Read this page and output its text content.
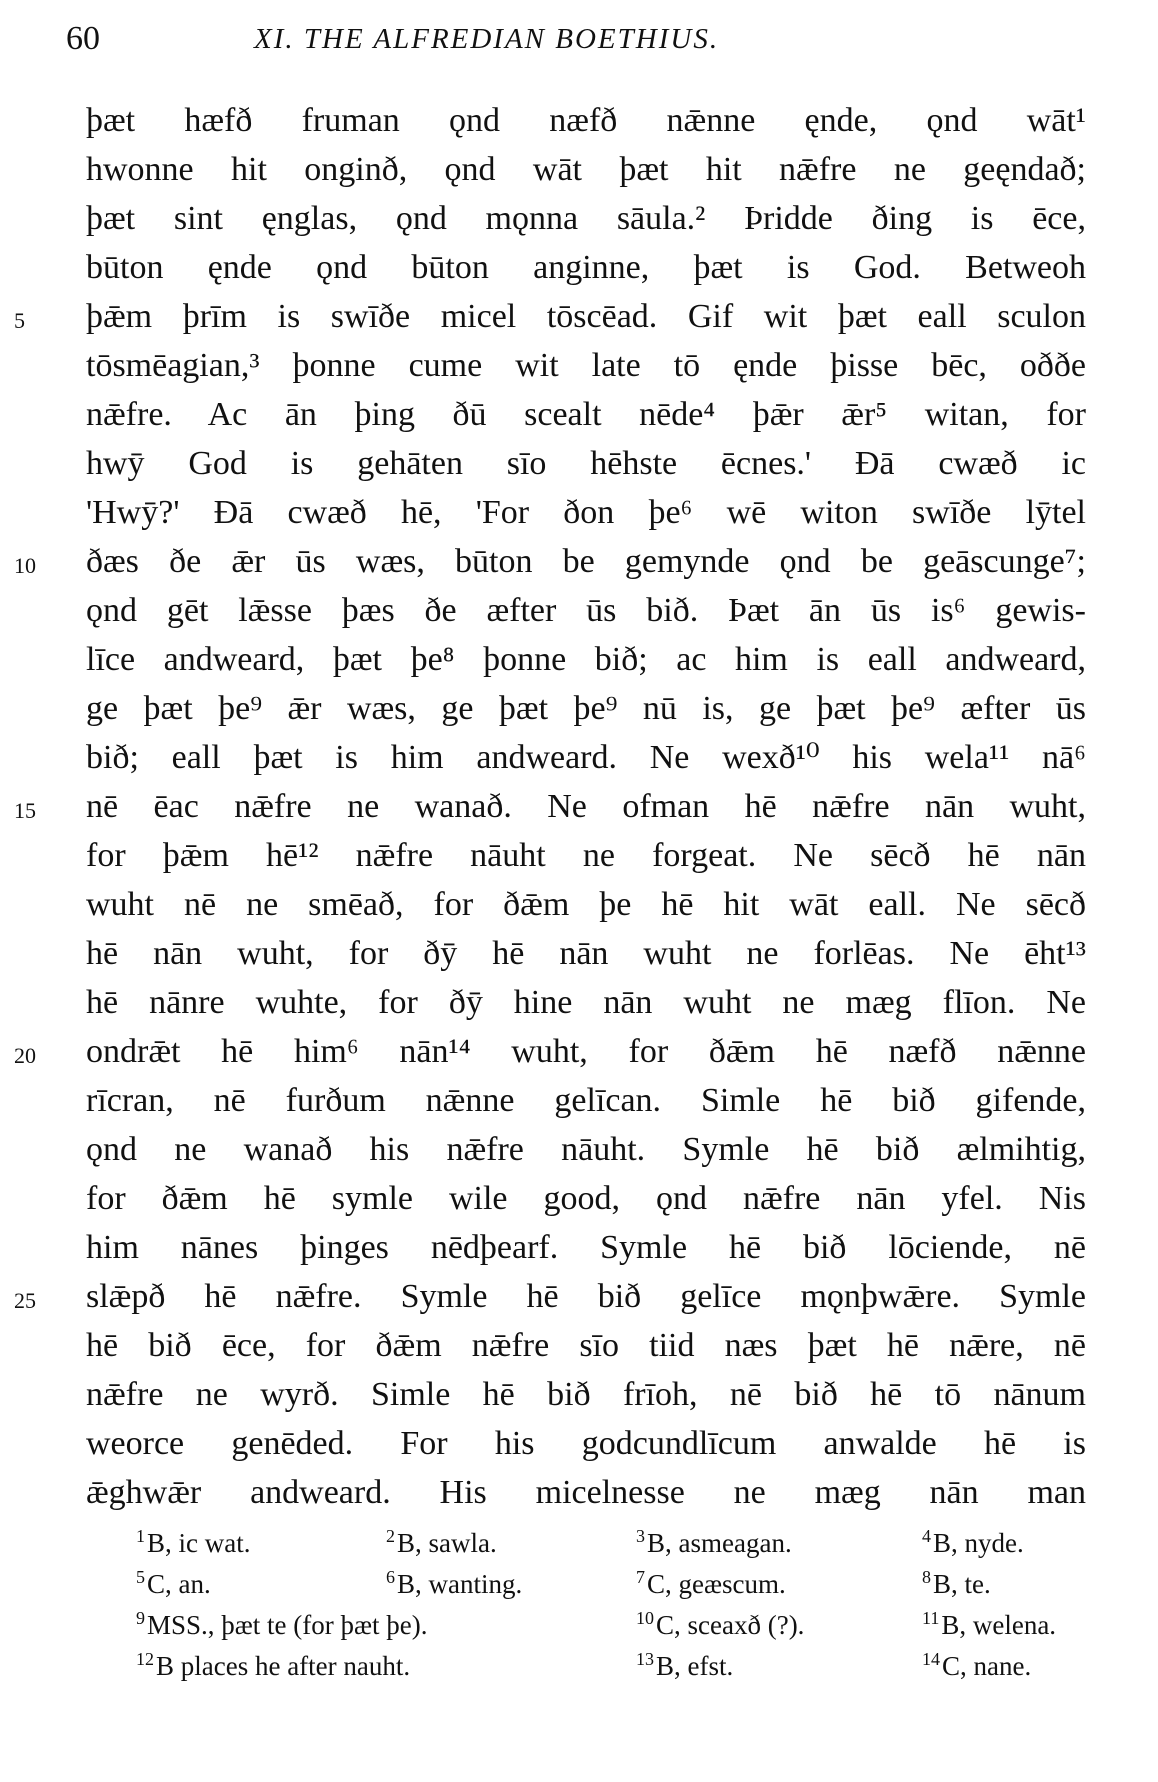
60	XI. THE ALFREDIAN BOETHIUS.
þæt hæfð fruman ǫnd næfð nǣnne ęnde, ǫnd wāt¹
hwonne hit onginð, ǫnd wāt þæt hit nǣfre ne geęndað;
þæt sint ęnglas, ǫnd mǫnna sāula.² Þridde ðing is ēce,
būton ęnde ǫnd būton anginne, þæt is God. Betweoh
5	þǣm þrīm is swīðe micel tōscēad. Gif wit þæt eall sculon
tōsmēagian,³ þonne cume wit late tō ęnde þisse bēc, oððe
nǣfre. Ac ān þing ðū scealt nēde⁴ þǣr ǣr⁵ witan, for
hwȳ God is gehāten sīo hēhste ēcnes.' Ðā cwæð ic
'Hwȳ?' Ðā cwæð hē, 'For ðon þe⁶ wē witon swīðe lȳtel
10	ðæs ðe ǣr ūs wæs, būton be gemynde ǫnd be geāscunge⁷;
ǫnd gēt lǣsse þæs ðe æfter ūs bið. Þæt ān ūs is⁶ gewis-
līce andweard, þæt þe⁸ þonne bið; ac him is eall andweard,
ge þæt þe⁹ ǣr wæs, ge þæt þe⁹ nū is, ge þæt þe⁹ æfter ūs
bið; eall þæt is him andweard. Ne wexð¹⁰ his wela¹¹ nā⁶
15	nē ēac nǣfre ne wanað. Ne ofman hē nǣfre nān wuht,
for þǣm hē¹² nǣfre nāuht ne forgeat. Ne sēcð hē nān
wuht nē ne smēað, for ðǣm þe hē hit wāt eall. Ne sēcð
hē nān wuht, for ðȳ hē nān wuht ne forlēas. Ne ēht¹³
hē nānre wuhte, for ðȳ hine nān wuht ne mæg flīon. Ne
20	ondrǣt hē him⁶ nān¹⁴ wuht, for ðǣm hē næfð nǣnne
rīcran, nē furðum nǣnne gelīcan. Simle hē bið gifende,
ǫnd ne wanað his nǣfre nāuht. Symle hē bið ælmihtig,
for ðǣm hē symle wile good, ǫnd nǣfre nān yfel. Nis
him nānes þinges nēdþearf. Symle hē bið lōciende, nē
25	slǣpð hē nǣfre. Symle hē bið gelīce mǫnþwǣre. Symle
hē bið ēce, for ðǣm nǣfre sīo tiid næs þæt hē nǣre, nē
nǣfre ne wyrð. Simle hē bið frīoh, nē bið hē tō nānum
weorce genēded. For his godcundlīcum anwalde hē is
ǣghwǣr andweard. His micelnesse ne mæg nān man
$^1$B, ic wat.	$^2$B, sawla.	$^3$B, asmeagan.	$^4$B, nyde.
$^5$C, an.	$^6$B, wanting.	$^7$C, geæscum.	$^8$B, te.
$^9$MSS., þæt te (for þæt þe).	$^{10}$C, sceaxð (?).	$^{11}$B, welena.
$^{12}$B places he after nauht.	$^{13}$B, efst.	$^{14}$C, nane.
